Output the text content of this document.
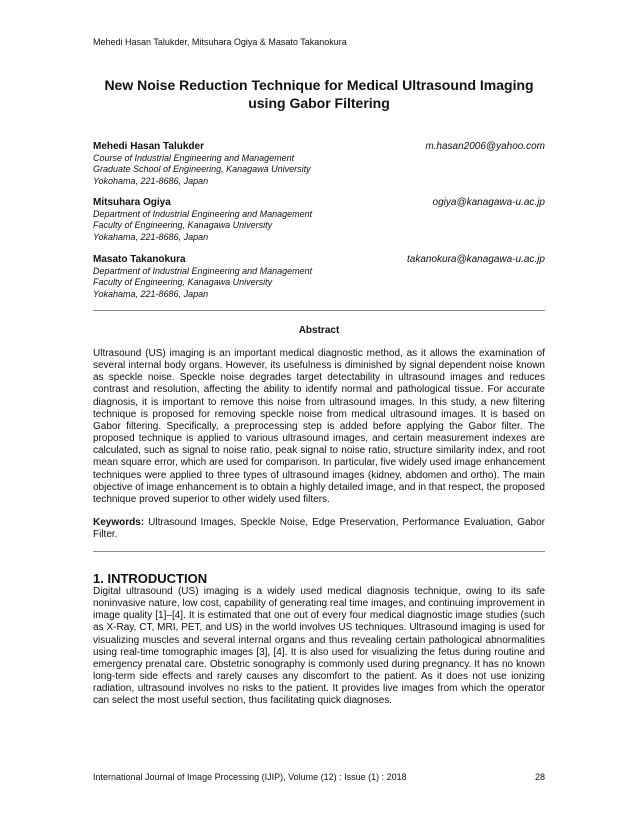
Mehedi Hasan Talukder, Mitsuhara Ogiya & Masato Takanokura
New Noise Reduction Technique for Medical Ultrasound Imaging
using Gabor Filtering
Mehedi Hasan Talukder	m.hasan2006@yahoo.com
Course of Industrial Engineering and Management
Graduate School of Engineering, Kanagawa University
Yokohama, 221-8686, Japan
Mitsuhara Ogiya	ogiya@kanagawa-u.ac.jp
Department of Industrial Engineering and Management
Faculty of Engineering, Kanagawa University
Yokahama, 221-8686, Japan
Masato Takanokura	takanokura@kanagawa-u.ac.jp
Department of Industrial Engineering and Management
Faculty of Engineering, Kanagawa University
Yokahama, 221-8686, Japan
Abstract
Ultrasound (US) imaging is an important medical diagnostic method, as it allows the examination of several internal body organs. However, its usefulness is diminished by signal dependent noise known as speckle noise. Speckle noise degrades target detectability in ultrasound images and reduces contrast and resolution, affecting the ability to identify normal and pathological tissue. For accurate diagnosis, it is important to remove this noise from ultrasound images. In this study, a new filtering technique is proposed for removing speckle noise from medical ultrasound images. It is based on Gabor filtering. Specifically, a preprocessing step is added before applying the Gabor filter. The proposed technique is applied to various ultrasound images, and certain measurement indexes are calculated, such as signal to noise ratio, peak signal to noise ratio, structure similarity index, and root mean square error, which are used for comparison. In particular, five widely used image enhancement techniques were applied to three types of ultrasound images (kidney, abdomen and ortho). The main objective of image enhancement is to obtain a highly detailed image, and in that respect, the proposed technique proved superior to other widely used filters.
Keywords: Ultrasound Images, Speckle Noise, Edge Preservation, Performance Evaluation, Gabor Filter.
1. INTRODUCTION
Digital ultrasound (US) imaging is a widely used medical diagnosis technique, owing to its safe noninvasive nature, low cost, capability of generating real time images, and continuing improvement in image quality [1]–[4]. It is estimated that one out of every four medical diagnostic image studies (such as X-Ray, CT, MRI, PET, and US) in the world involves US techniques. Ultrasound imaging is used for visualizing muscles and several internal organs and thus revealing certain pathological abnormalities using real-time tomographic images [3], [4]. It is also used for visualizing the fetus during routine and emergency prenatal care. Obstetric sonography is commonly used during pregnancy. It has no known long-term side effects and rarely causes any discomfort to the patient. As it does not use ionizing radiation, ultrasound involves no risks to the patient. It provides live images from which the operator can select the most useful section, thus facilitating quick diagnoses.
International Journal of Image Processing (IJIP), Volume (12) : Issue (1) : 2018	28
